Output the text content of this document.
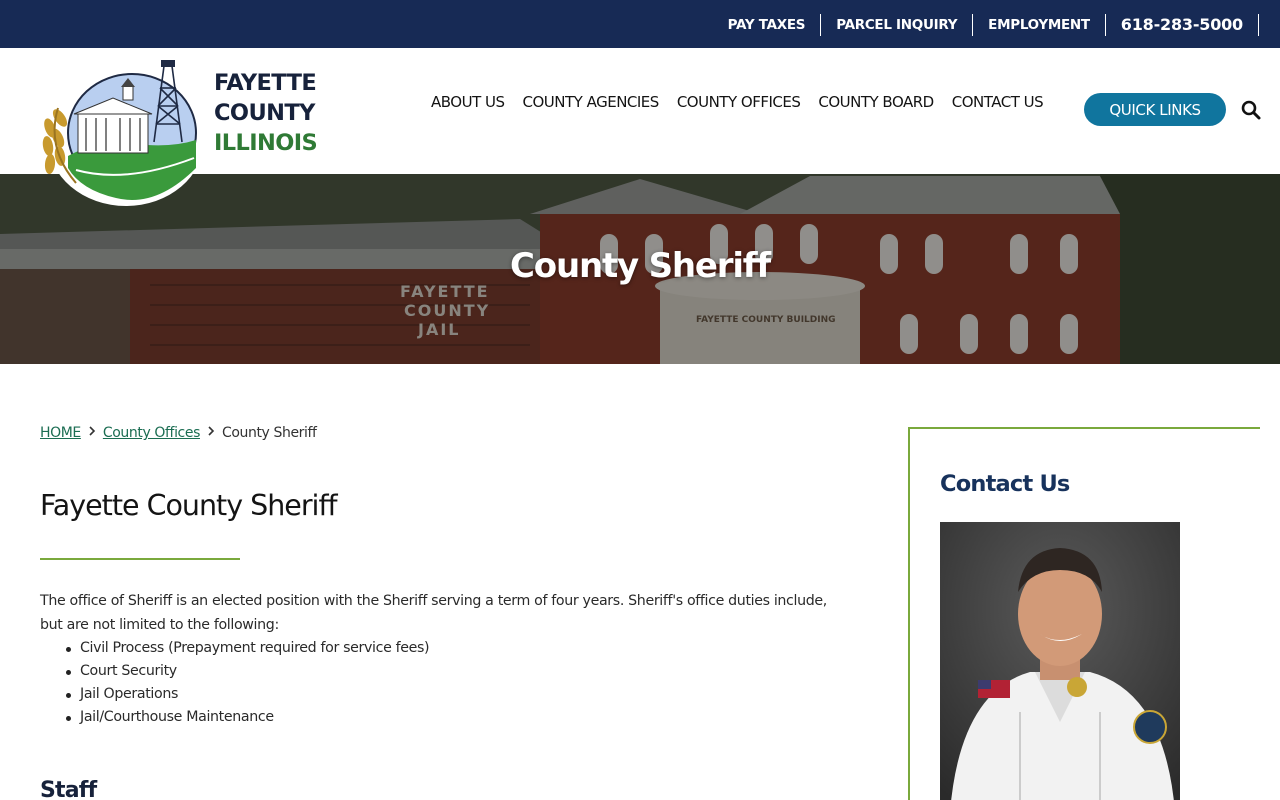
PAY TAXES	PARCEL INQUIRY	EMPLOYMENT	618-283-5000
FAYETTE
COUNTY
ILLINOIS
ABOUT US COUNTY AGENCIES COUNTY OFFICES COUNTY BOARD CONTACT US	QUICK LINKS
FAYETTE
COUNTY
JAIL	FAYETTE COUNTY BUILDING
County Sheriff
HOME County Offices County Sheriff
Fayette County Sheriff

The office of Sheriff is an elected position with the Sheriff serving a term of four years. Sheriff's office duties include, but are not limited to the following:

Civil Process (Prepayment required for service fees)
Court Security
Jail Operations
Jail/Courthouse Maintenance
Staff
Contact Us
